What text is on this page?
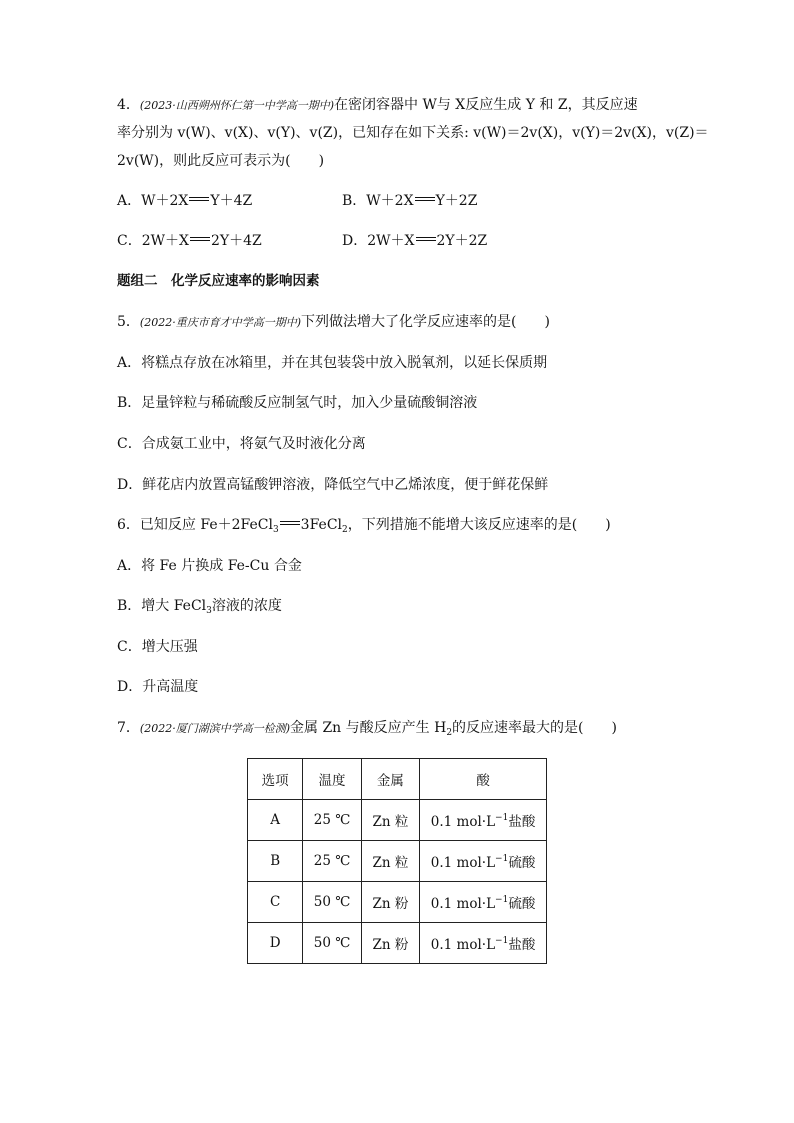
4．(2023·山西朔州怀仁第一中学高一期中)在密闭容器中 W与 X反应生成 Y 和 Z，其反应速
率分别为 v(W)、v(X)、v(Y)、v(Z)，已知存在如下关系: v(W)＝2v(X)，v(Y)＝2v(X)，v(Z)＝
2v(W)，则此反应可表示为(　　)
A．W＋2X Y＋4Z	B．W＋2X Y＋2Z
C．2W＋X 2Y＋4Z	D．2W＋X 2Y＋2Z
题组二　化学反应速率的影响因素
5．(2022·重庆市育才中学高一期中)下列做法增大了化学反应速率的是(　　)
A．将糕点存放在冰箱里，并在其包装袋中放入脱氧剂，以延长保质期
B．足量锌粒与稀硫酸反应制氢气时，加入少量硫酸铜溶液
C．合成氨工业中，将氨气及时液化分离
D．鲜花店内放置高锰酸钾溶液，降低空气中乙烯浓度，便于鲜花保鲜
6．已知反应 Fe＋2FeCl$_3$ 3FeCl$_2$，下列措施不能增大该反应速率的是(　　)
A．将 Fe 片换成 Fe-Cu 合金
B．增大 FeCl$_3$溶液的浓度
C．增大压强
D．升高温度
7．(2022·厦门湖滨中学高一检测)金属 Zn 与酸反应产生 $H_2$的反应速率最大的是(　　)
选项	温度	金属	酸
A	25 ℃	Zn 粒	0.1 $mol\cdot L^{-1}$盐酸
B	25 ℃	Zn 粒	0.1 $mol\cdot L^{-1}$硫酸
C	50 ℃	Zn 粉	0.1 $mol\cdot L^{-1}$硫酸
D	50 ℃	Zn 粉	0.1 $mol\cdot L^{-1}$盐酸
